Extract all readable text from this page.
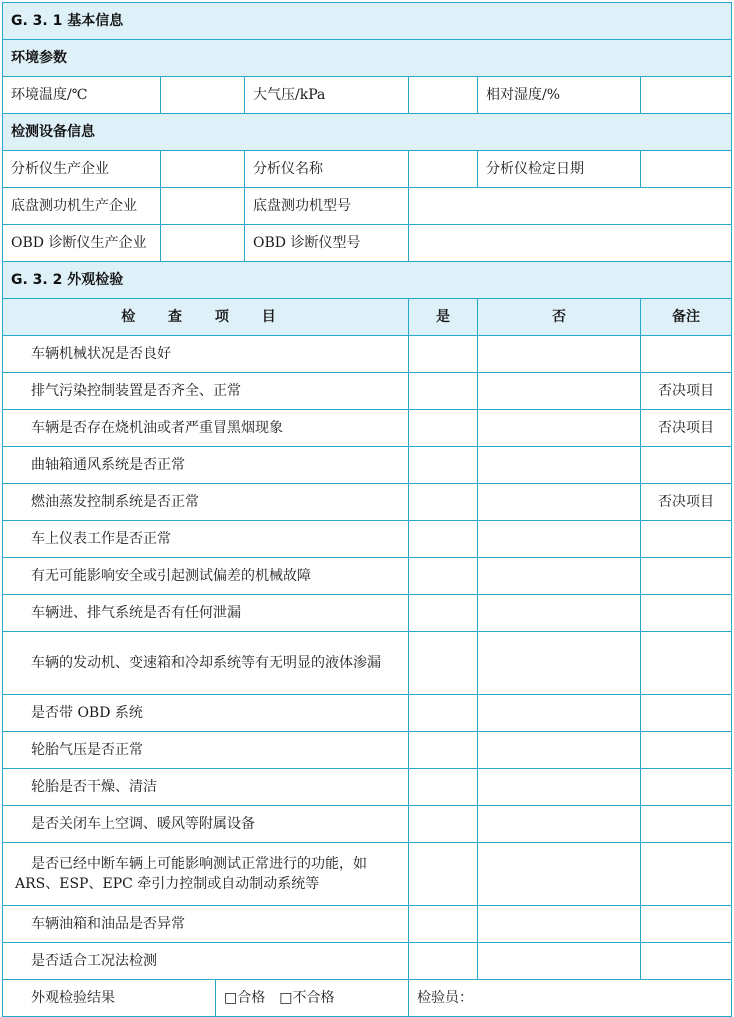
G. 3. 1 基本信息						
环境参数						
环境温度/℃			大气压/kPa		相对湿度/%	
检测设备信息						
分析仪生产企业			分析仪名称		分析仪检定日期	
底盘测功机生产企业			底盘测功机型号			
OBD 诊断仪生产企业			OBD 诊断仪型号			
G. 3. 2 外观检验						
检 查 项 目				是	否	备注
车辆机械状况是否良好						
排气污染控制装置是否齐全、正常						否决项目
车辆是否存在烧机油或者严重冒黑烟现象						否决项目
曲轴箱通风系统是否正常						
燃油蒸发控制系统是否正常						否决项目
车上仪表工作是否正常						
有无可能影响安全或引起测试偏差的机械故障						
车辆进、排气系统是否有任何泄漏						
车辆的发动机、变速箱和冷却系统等有无明显的液体渗漏						
是否带 OBD 系统						
轮胎气压是否正常						
轮胎是否干燥、清洁						
是否关闭车上空调、暖风等附属设备						
是否已经中断车辆上可能影响测试正常进行的功能，如 ARS、ESP、EPC 牵引力控制或自动制动系统等						
车辆油箱和油品是否异常						
是否适合工况法检测						
外观检验结果		□合格 □不合格		检验员：		
